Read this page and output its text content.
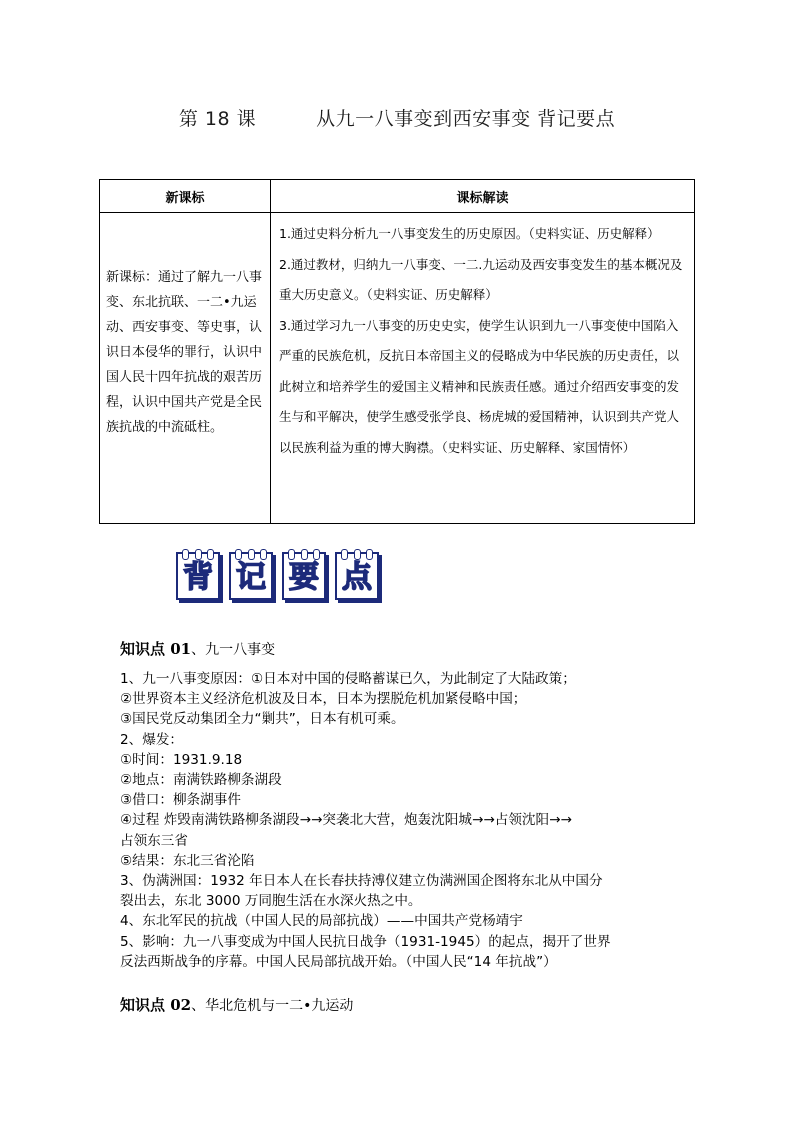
第 18 课	从九一八事变到西安事变 背记要点
新课标	课标解读
新课标：通过了解九一八事变、东北抗联、一二•九运动、西安事变、等史事，认识日本侵华的罪行，认识中国人民十四年抗战的艰苦历程，认识中国共产党是全民族抗战的中流砥柱。	1.通过史料分析九一八事变发生的历史原因。（史料实证、历史解释）

2.通过教材，归纳九一八事变、一二.九运动及西安事变发生的基本概况及重大历史意义。（史料实证、历史解释）

3.通过学习九一八事变的历史史实，使学生认识到九一八事变使中国陷入严重的民族危机，反抗日本帝国主义的侵略成为中华民族的历史责任，以此树立和培养学生的爱国主义精神和民族责任感。通过介绍西安事变的发生与和平解决，使学生感受张学良、杨虎城的爱国精神，认识到共产党人以民族利益为重的博大胸襟。（史料实证、历史解释、家国情怀）

背 记 要 点

知识点 01、九一八事变

1、九一八事变原因：①日本对中国的侵略蓄谋已久，为此制定了大陆政策；
②世界资本主义经济危机波及日本，日本为摆脱危机加紧侵略中国；
③国民党反动集团全力“剿共”，日本有机可乘。
2、爆发：
①时间：1931.9.18
②地点：南满铁路柳条湖段
③借口：柳条湖事件
④过程 炸毁南满铁路柳条湖段→→突袭北大营，炮轰沈阳城→→占领沈阳→→
占领东三省
⑤结果：东北三省沦陷
3、伪满洲国：1932 年日本人在长春扶持溥仪建立伪满洲国企图将东北从中国分
裂出去，东北 3000 万同胞生活在水深火热之中。
4、东北军民的抗战（中国人民的局部抗战）——中国共产党杨靖宇
5、影响：九一八事变成为中国人民抗日战争（1931-1945）的起点，揭开了世界
反法西斯战争的序幕。中国人民局部抗战开始。（中国人民“14 年抗战”）

知识点 02、华北危机与一二•九运动
